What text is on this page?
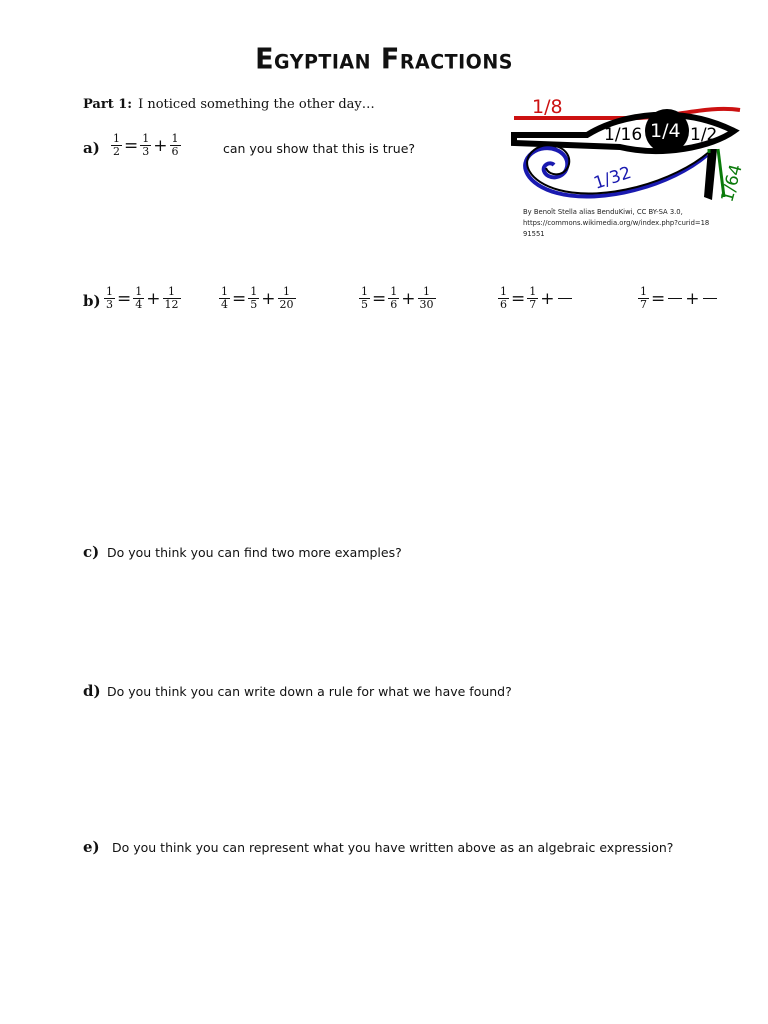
Egyptian Fractions
Part 1: I noticed something the other day…
$a) \frac{1}{2} = \frac{1}{3} + \frac{1}{6}$	can you show that this is true?
1/8
1/16 1/4 1/2
1/32	1/64
By Benoît Stella alias BenduKiwi, CC BY-SA 3.0,
https://commons.wikimedia.org/w/index.php?curid=18
91551
$b) \frac{1}{3} = \frac{1}{4} + \frac{1}{12}$	$\frac{1}{4} = \frac{1}{5} + \frac{1}{20}$	$\frac{1}{5} = \frac{1}{6} + \frac{1}{30}$	$\frac{1}{6} = \frac{1}{7}$ +	$\frac{1}{7}$ = +
c) Do you think you can find two more examples?
d) Do you think you can write down a rule for what we have found?
e) Do you think you can represent what you have written above as an algebraic expression?
